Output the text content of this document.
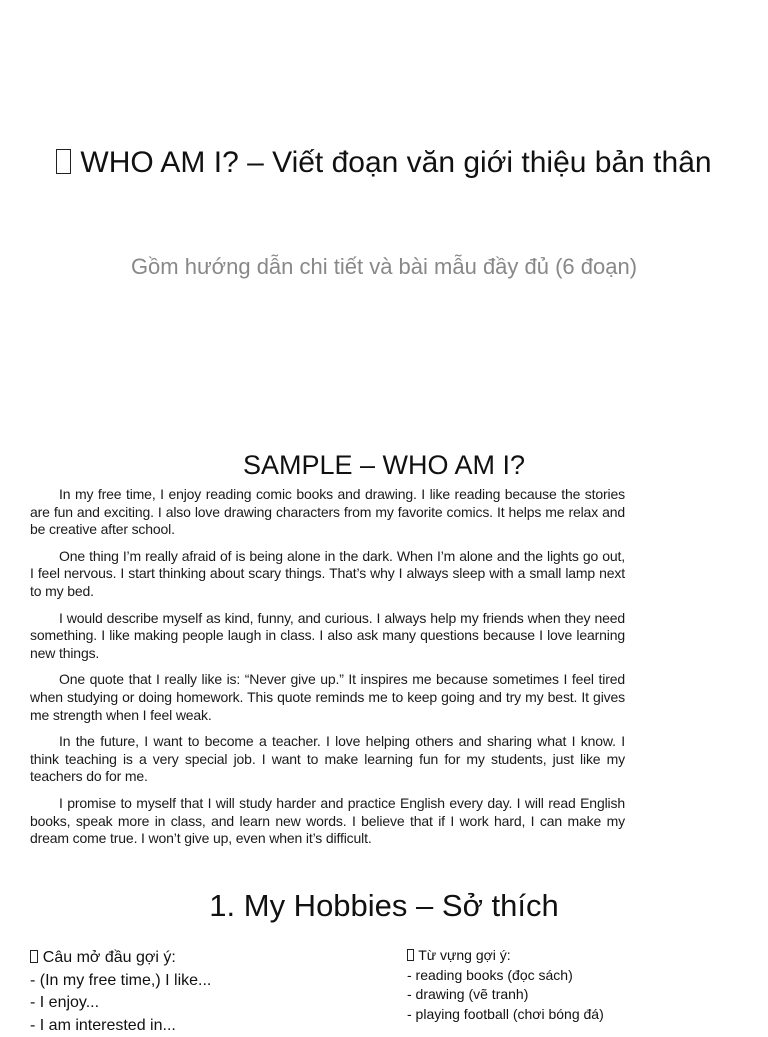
WHO AM I? – Viết đoạn văn giới thiệu bản thân
Gồm hướng dẫn chi tiết và bài mẫu đầy đủ (6 đoạn)
SAMPLE – WHO AM I?

In my free time, I enjoy reading comic books and drawing. I like reading because the stories are fun and exciting. I also love drawing characters from my favorite comics. It helps me relax and be creative after school.

One thing I’m really afraid of is being alone in the dark. When I’m alone and the lights go out, I feel nervous. I start thinking about scary things. That’s why I always sleep with a small lamp next to my bed.

I would describe myself as kind, funny, and curious. I always help my friends when they need something. I like making people laugh in class. I also ask many questions because I love learning new things.

One quote that I really like is: “Never give up.” It inspires me because sometimes I feel tired when studying or doing homework. This quote reminds me to keep going and try my best. It gives me strength when I feel weak.

In the future, I want to become a teacher. I love helping others and sharing what I know. I think teaching is a very special job. I want to make learning fun for my students, just like my teachers do for me.

I promise to myself that I will study harder and practice English every day. I will read English books, speak more in class, and learn new words. I believe that if I work hard, I can make my dream come true. I won’t give up, even when it’s difficult.

1. My Hobbies – Sở thích
Câu mở đầu gợi ý:
- (In my free time,) I like...
- I enjoy...
- I am interested in...
Từ vựng gợi ý:
- reading books (đọc sách)
- drawing (vẽ tranh)
- playing football (chơi bóng đá)
